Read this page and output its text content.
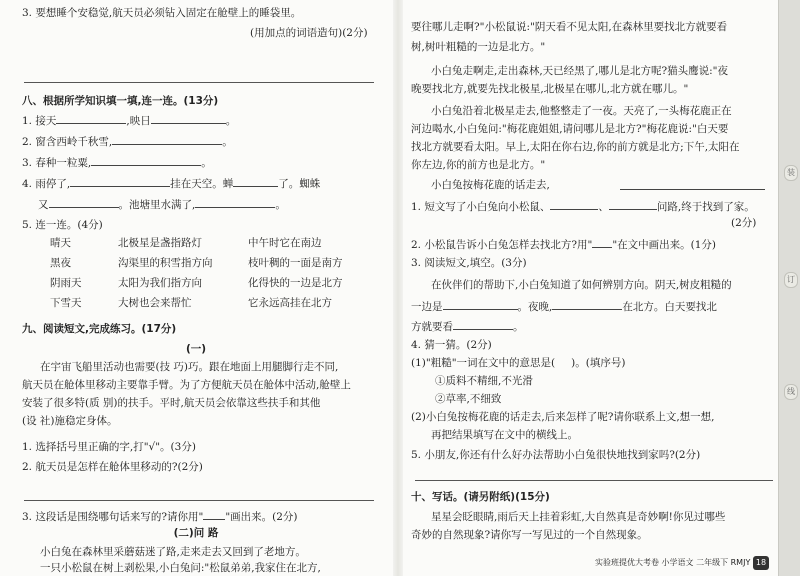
3. 要想睡个安稳觉,航天员必须钻入固定在舱壁上的睡袋里。
(用加点的词语造句)(2分)
八、根据所学知识填一填,连一连。(13分)
1. 接天	,映日	。
2. 窗含西岭千秋雪,	。
3. 春种一粒粟,	。
4. 雨停了,	挂在天空。蝉	了。蜘蛛
又	。池塘里水满了,	。
5. 连一连。(4分)
晴天	北极星是盏指路灯	中午时它在南边
黑夜	沟渠里的积雪指方向	枝叶稠的一面是南方
阴雨天	太阳为我们指方向	化得快的一边是北方
下雪天	大树也会来帮忙	它永远高挂在北方
九、阅读短文,完成练习。(17分)
(一)
在宇宙飞船里活动也需要(技 巧)巧。跟在地面上用腿脚行走不同,
航天员在舱体里移动主要靠手臂。为了方便航天员在舱体中活动,舱壁上
安装了很多特(质 别)的扶手。平时,航天员会依靠这些扶手和其他
(设 社)施稳定身体。
1. 选择括号里正确的字,打"√"。(3分)
2. 航天员是怎样在舱体里移动的?(2分)
3. 这段话是围绕哪句话来写的?请你用" "画出来。(2分)
(二)问 路
小白兔在森林里采蘑菇迷了路,走来走去又回到了老地方。
一只小松鼠在树上剥松果,小白兔问:"松鼠弟弟,我家住在北方,
要往哪儿走啊?"小松鼠说:"阴天看不见太阳,在森林里要找北方就要看
树,树叶粗糙的一边是北方。"
小白兔走啊走,走出森林,天已经黑了,哪儿是北方呢?猫头鹰说:"夜
晚要找北方,就要先找北极星,北极星在哪儿,北方就在哪儿。"
小白兔沿着北极星走去,他整整走了一夜。天亮了,一头梅花鹿正在
河边喝水,小白兔问:"梅花鹿姐姐,请问哪儿是北方?"梅花鹿说:"白天要
找北方就要看太阳。早上,太阳在你右边,你的前方就是北方;下午,太阳在
你左边,你的前方也是北方。"
小白兔按梅花鹿的话走去,
1. 短文写了小白兔向小松鼠、	、	问路,终于找到了家。
(2分)
2. 小松鼠告诉小白兔怎样去找北方?用" "在文中画出来。(1分)
3. 阅读短文,填空。(3分)
在伙伴们的帮助下,小白兔知道了如何辨别方向。阴天,树皮粗糙的
一边是	。夜晚,	在北方。白天要找北
方就要看	。
4. 猜一猜。(2分)
(1)"粗糙"一词在文中的意思是( )。(填序号)
①质料不精细,不光滑
②草率,不细致
(2)小白兔按梅花鹿的话走去,后来怎样了呢?请你联系上文,想一想,
再把结果填写在文中的横线上。
5. 小朋友,你还有什么好办法帮助小白兔很快地找到家吗?(2分)
十、写话。(请另附纸)(15分)
星星会眨眼睛,雨后天上挂着彩虹,大自然真是奇妙啊!你见过哪些
奇妙的自然现象?请你写一写见过的一个自然现象。
实验班提优大考卷 小学语文 二年级下 RMJY 18
装
订
线
